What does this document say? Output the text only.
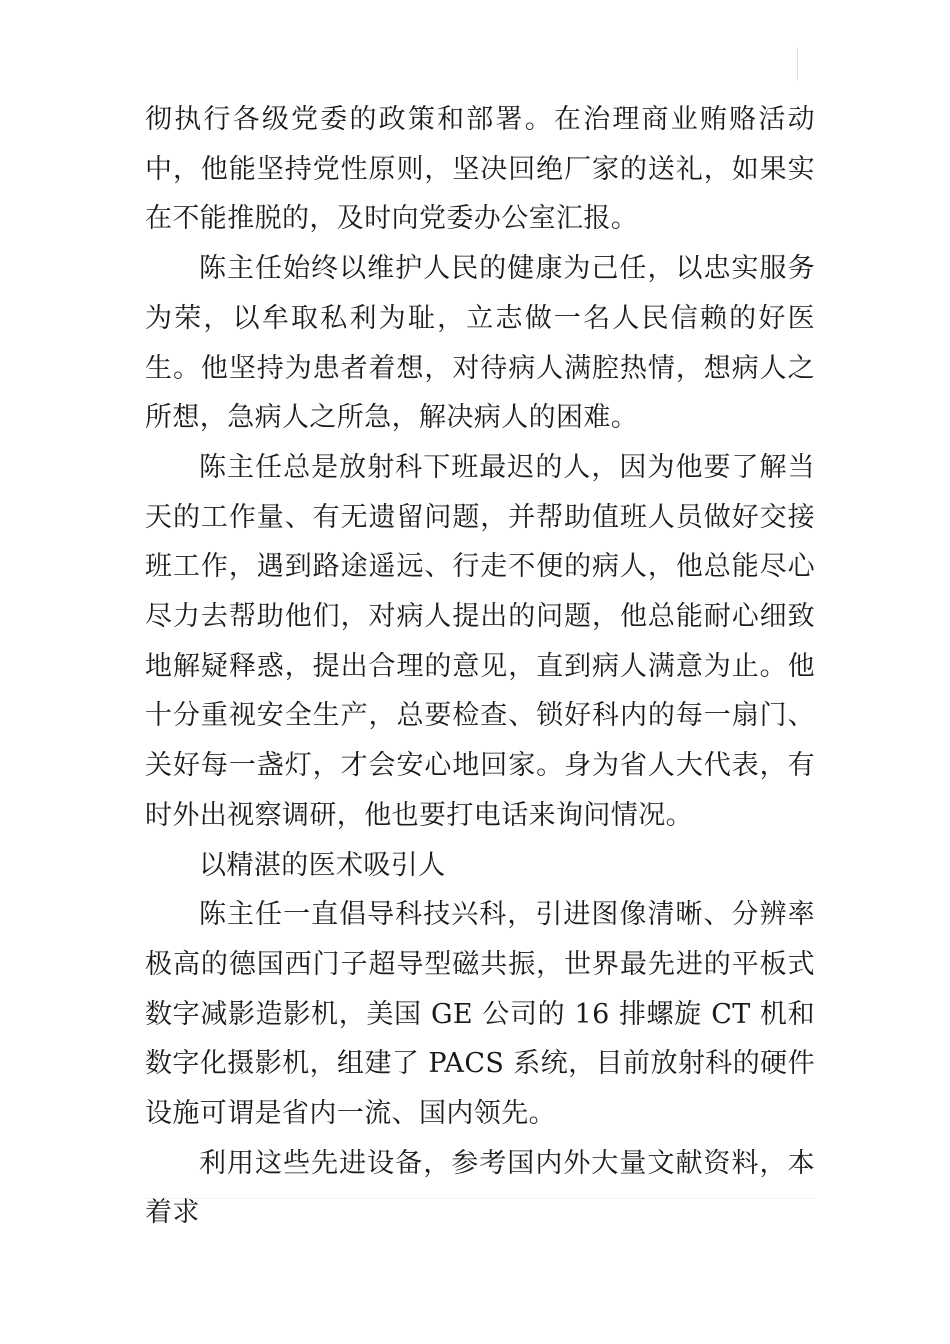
彻执行各级党委的政策和部署。在治理商业贿赂活动中，他能坚持党性原则，坚决回绝厂家的送礼，如果实在不能推脱的，及时向党委办公室汇报。

陈主任始终以维护人民的健康为己任，以忠实服务为荣，以牟取私利为耻，立志做一名人民信赖的好医生。他坚持为患者着想，对待病人满腔热情，想病人之所想，急病人之所急，解决病人的困难。

陈主任总是放射科下班最迟的人，因为他要了解当天的工作量、有无遗留问题，并帮助值班人员做好交接班工作，遇到路途遥远、行走不便的病人，他总能尽心尽力去帮助他们，对病人提出的问题，他总能耐心细致地解疑释惑，提出合理的意见，直到病人满意为止。他十分重视安全生产，总要检查、锁好科内的每一扇门、关好每一盏灯，才会安心地回家。身为省人大代表，有时外出视察调研，他也要打电话来询问情况。

以精湛的医术吸引人

陈主任一直倡导科技兴科，引进图像清晰、分辨率极高的德国西门子超导型磁共振，世界最先进的平板式数字减影造影机，美国 GE 公司的 16 排螺旋 CT 机和数字化摄影机，组建了 PACS 系统，目前放射科的硬件设施可谓是省内一流、国内领先。

利用这些先进设备，参考国内外大量文献资料，本着求
